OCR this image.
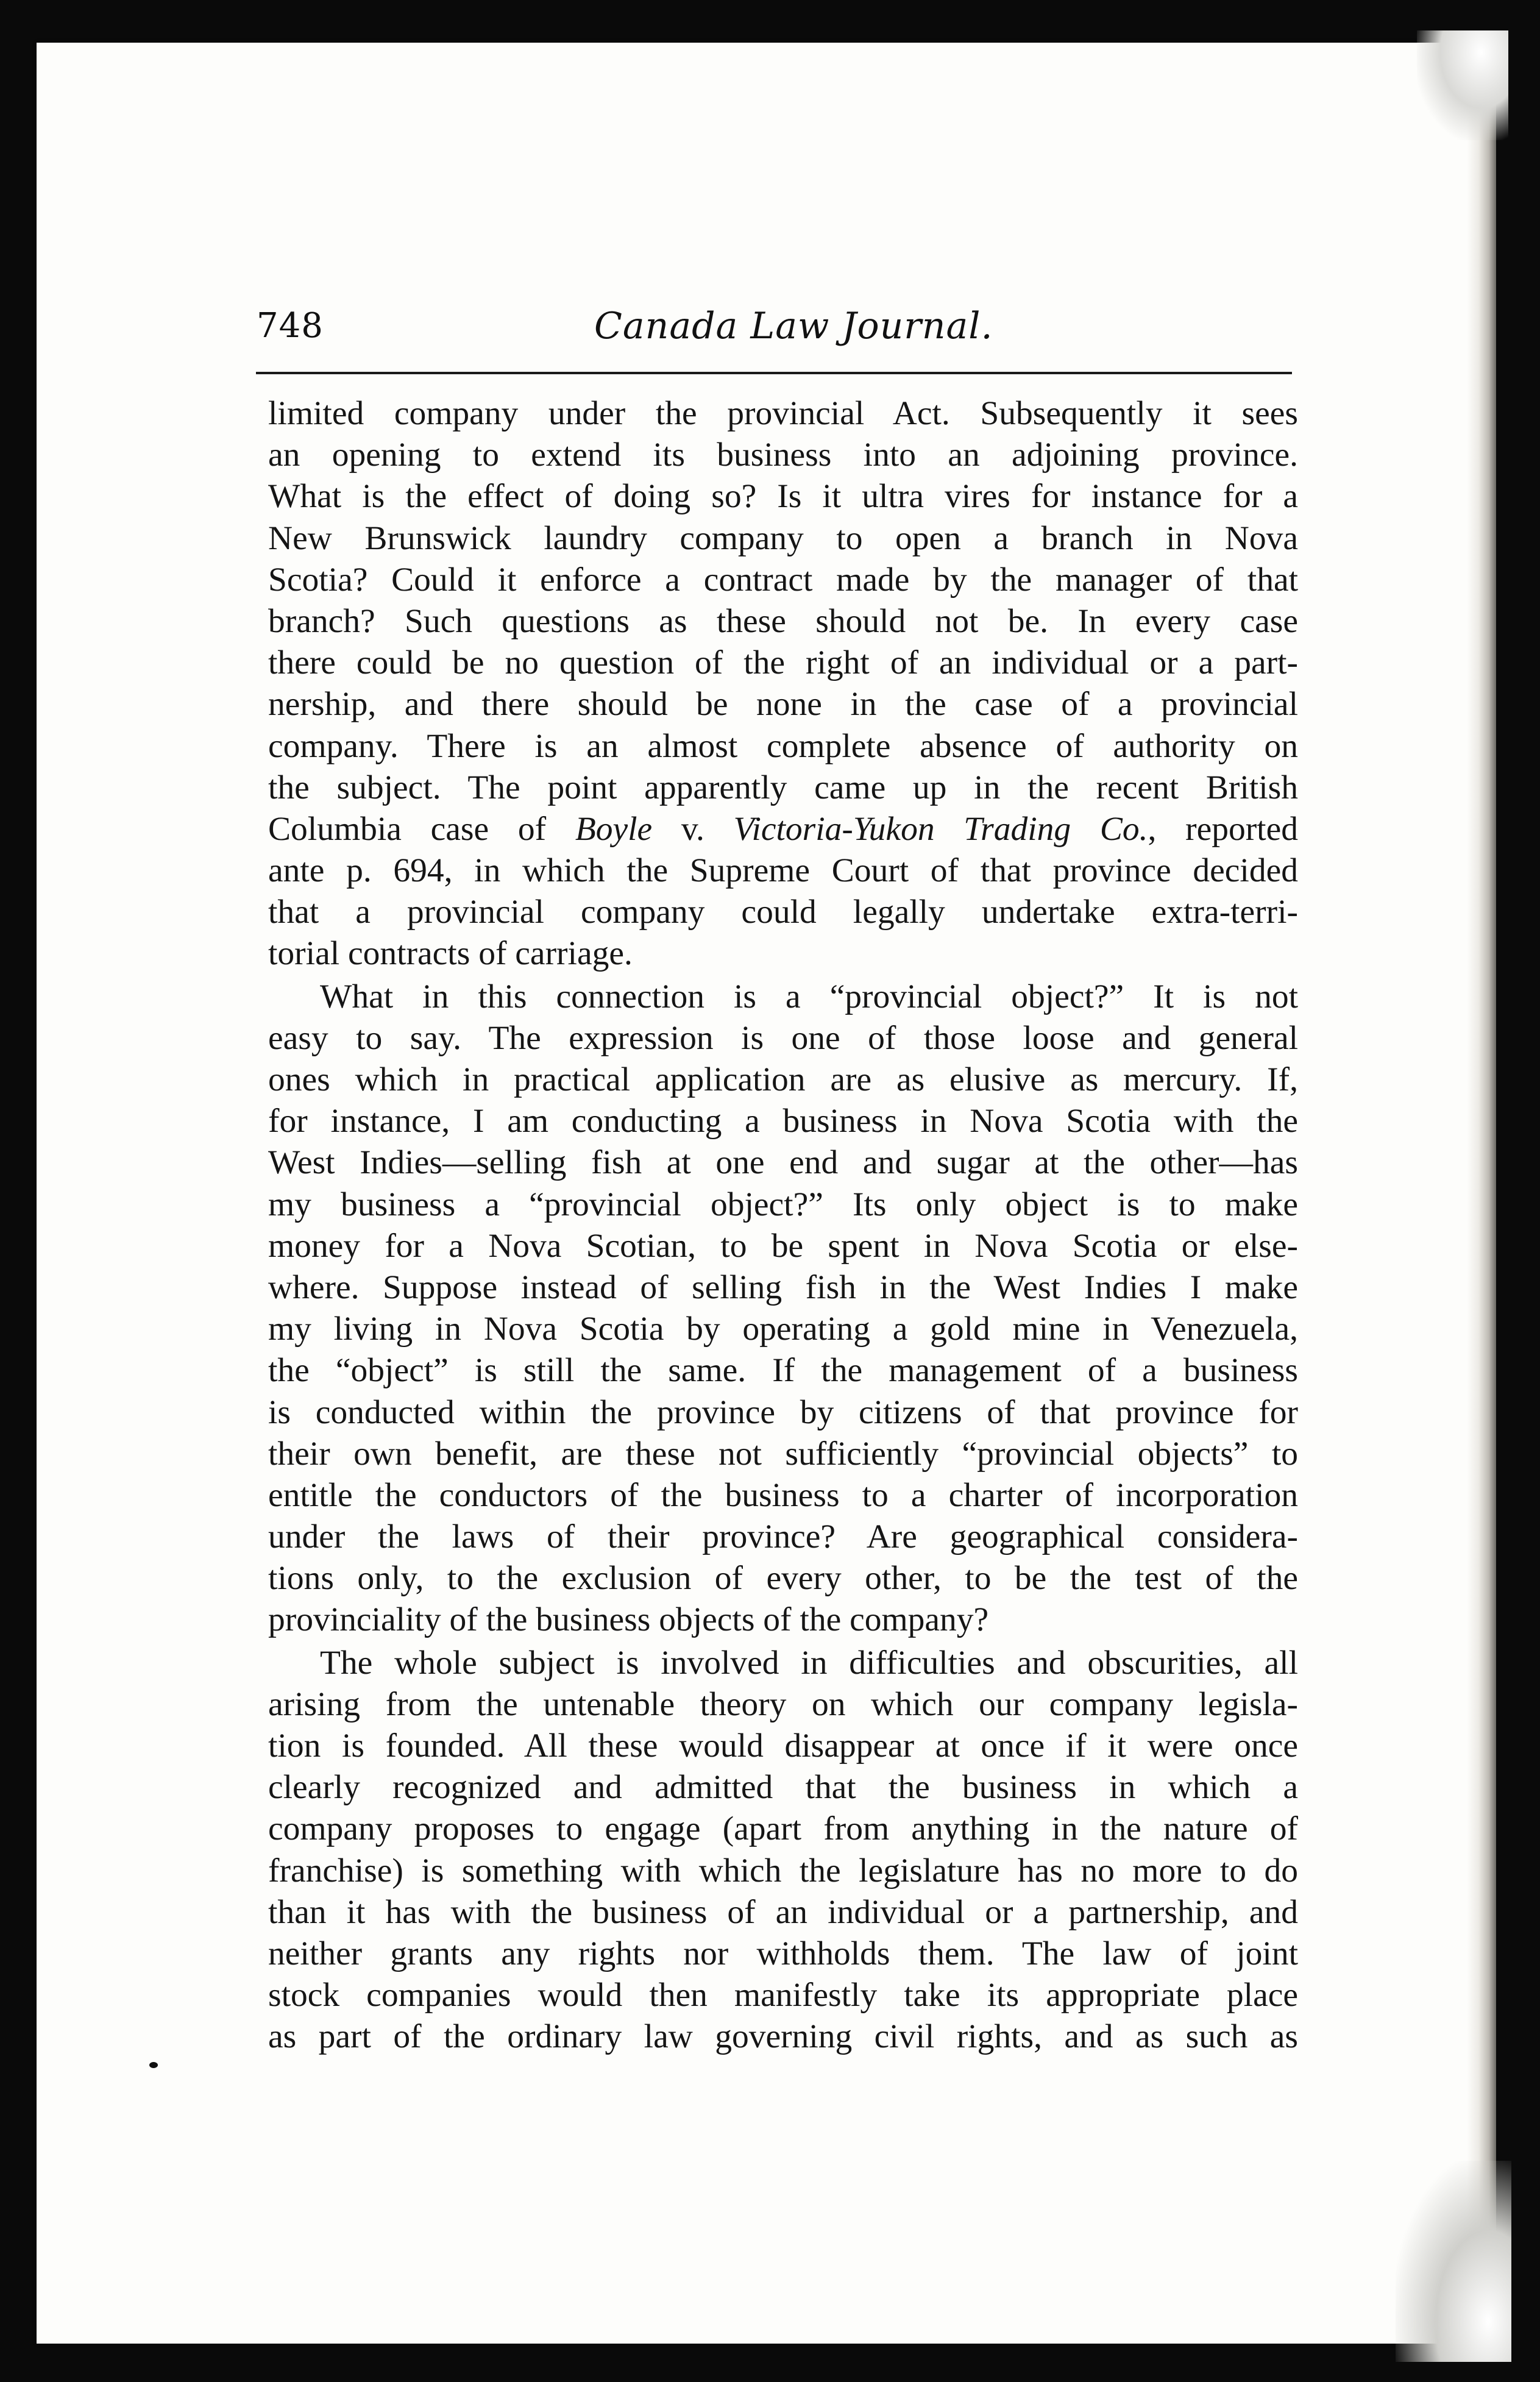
748	Canada Law Journal.
limited company under the provincial Act. Subsequently it sees
an opening to extend its business into an adjoining province.
What is the effect of doing so? Is it ultra vires for instance for a
New Brunswick laundry company to open a branch in Nova
Scotia? Could it enforce a contract made by the manager of that
branch? Such questions as these should not be. In every case
there could be no question of the right of an individual or a part-
nership, and there should be none in the case of a provincial
company. There is an almost complete absence of authority on
the subject. The point apparently came up in the recent British
Columbia case of Boyle v. Victoria-Yukon Trading Co., reported
ante p. 694, in which the Supreme Court of that province decided
that a provincial company could legally undertake extra-terri-
torial contracts of carriage.
What in this connection is a “provincial object?” It is not
easy to say. The expression is one of those loose and general
ones which in practical application are as elusive as mercury. If,
for instance, I am conducting a business in Nova Scotia with the
West Indies—selling fish at one end and sugar at the other—has
my business a “provincial object?” Its only object is to make
money for a Nova Scotian, to be spent in Nova Scotia or else-
where. Suppose instead of selling fish in the West Indies I make
my living in Nova Scotia by operating a gold mine in Venezuela,
the “object” is still the same. If the management of a business
is conducted within the province by citizens of that province for
their own benefit, are these not sufficiently “provincial objects” to
entitle the conductors of the business to a charter of incorporation
under the laws of their province? Are geographical considera-
tions only, to the exclusion of every other, to be the test of the
provinciality of the business objects of the company?
The whole subject is involved in difficulties and obscurities, all
arising from the untenable theory on which our company legisla-
tion is founded. All these would disappear at once if it were once
clearly recognized and admitted that the business in which a
company proposes to engage (apart from anything in the nature of
franchise) is something with which the legislature has no more to do
than it has with the business of an individual or a partnership, and
neither grants any rights nor withholds them. The law of joint
stock companies would then manifestly take its appropriate place
as part of the ordinary law governing civil rights, and as such as
